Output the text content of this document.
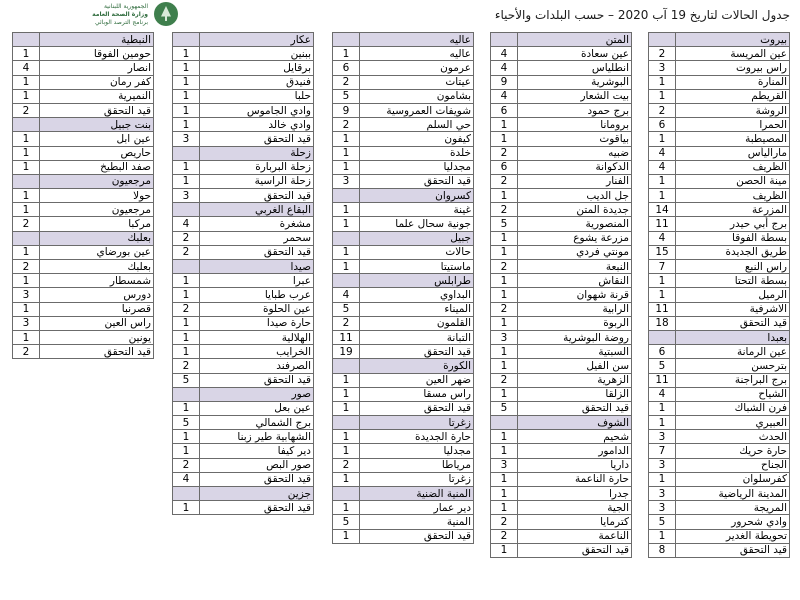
الجمهورية اللبنانية
وزارة الصحة العامة
برنامج الترصد الوبائي
جدول الحالات لتاريخ 19 آب 2020 – حسب البلدات والأحياء
	بيروت
2	عين المريسة
3	راس بيروت
1	المنارة
1	القريطم
2	الروشة
6	الحمرا
1	المصيطبة
4	ماراليأس
4	الظريف
1	مينة الحصن
1	الظريف
14	المزرعة
11	برج أبي حيدر
4	بسطة الفوقا
15	طريق الجديدة
7	راس النبع
1	بسطة التحتا
1	الرميل
11	الاشرفية
18	قيد التحقق
	بعبدا
6	عين الرمانة
5	بترحسن
11	برج البراجنة
4	الشياح
1	فرن الشباك
1	العبيري
3	الحدث
7	حارة حريك
3	الجناح
1	كفرسلوان
3	المدينة الرياضية
3	المريجة
5	وادي شحرور
1	تحويطة الغدير
8	قيد التحقق
	المتن
4	عين سعادة
4	انطلياس
9	البوشرية
4	بيت الشعار
6	برج حمود
1	برومانا
1	بياقوت
2	ضبيه
6	الدكوانة
2	الفنار
1	جل الديب
2	جديدة المتن
5	المنصورية
1	مزرعة يشوع
1	مونتي فردي
2	النبعة
1	النقاش
1	قرنة شهوان
2	الرابية
1	الربوة
3	روضة البوشرية
1	السبتية
1	سن الفيل
2	الزهرية
1	الزلقا
5	قيد التحقق
	الشوف
1	شحيم
1	الدامور
3	داريا
1	حارة الناعمة
1	جدرا
1	الجية
2	كترمايا
2	الناعمة
1	قيد التحقق
	عاليه
1	عاليه
6	عرمون
2	عيتات
5	بشامون
9	شويفات العمروسية
2	حي السلم
1	كيفون
1	خلدة
1	مجدليا
3	قيد التحقق
	كسروان
1	غينة
1	جونية سحال علما
	جبيل
1	حالات
1	ماستيتا
	طرابلس
4	البداوي
5	الميناء
2	القلمون
11	التبانة
19	قيد التحقق
	الكورة
1	ضهر العين
1	راس مسقا
1	قيد التحقق
	زغرتا
1	حارة الجديدة
1	مجدليا
2	مرياطا
1	زغرتا
	المنية الضنية
1	دير عمار
5	المنية
1	قيد التحقق
	عكار
1	ببنين
1	برقايل
1	فنيدق
1	حلبا
1	وادي الجاموس
1	وادي خالد
3	قيد التحقق
	زحلة
1	زحلة البربارة
1	زحلة الراسية
3	قيد التحقق
	البقاع الغربي
4	مشغرة
2	سحمر
2	قيد التحقق
	صيدا
1	عبرا
1	عرب طبايا
2	عين الحلوة
1	حارة صيدا
1	الهلالية
1	الخرايب
2	الصرفند
5	قيد التحقق
	صور
1	عين بعل
5	برج الشمالي
1	الشهابية طير زبنا
1	دير كيفا
2	صور البص
4	قيد التحقق
	جزين
1	قيد التحقق
	النبطية
1	حومين الفوقا
4	انصار
1	كفر رمان
1	النميرية
2	قيد التحقق
	بنت جبيل
1	عين ابل
1	حاريص
1	صفد البطيخ
	مرجعيون
1	حولا
1	مرجعيون
2	مركبا
	بعلبك
1	عين بورضاي
2	بعلبك
1	شمسطار
3	دورس
1	قصرنبا
3	راس العين
1	يونين
2	قيد التحقق
